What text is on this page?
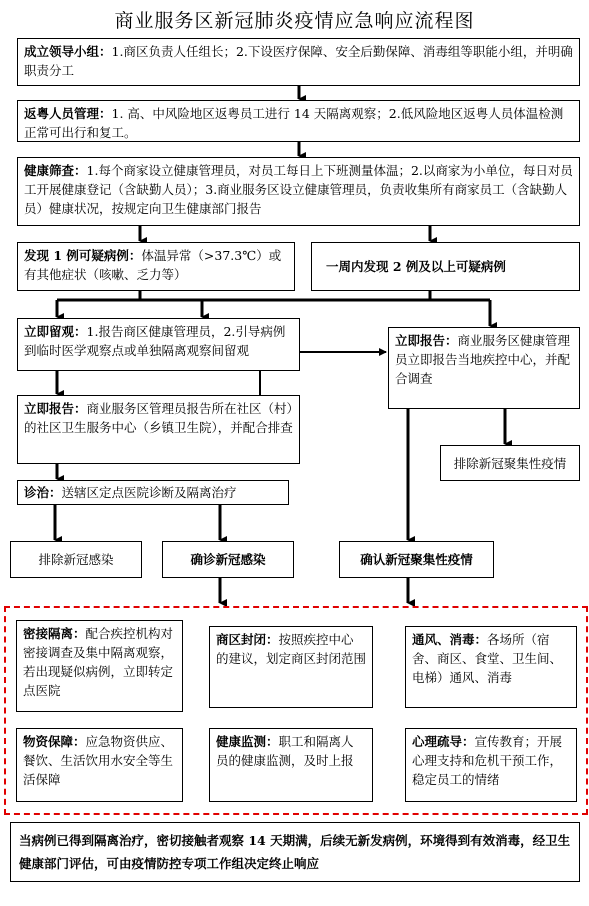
商业服务区新冠肺炎疫情应急响应流程图
成立领导小组：1.商区负责人任组长；2.下设医疗保障、安全后勤保障、消毒组等职能小组，并明确职责分工
返粤人员管理：1. 高、中风险地区返粤员工进行 14 天隔离观察；2.低风险地区返粤人员体温检测正常可出行和复工。
健康筛查：1.每个商家设立健康管理员，对员工每日上下班测量体温；2.以商家为小单位，每日对员工开展健康登记（含缺勤人员）；3.商业服务区设立健康管理员，负责收集所有商家员工（含缺勤人员）健康状况，按规定向卫生健康部门报告
发现 1 例可疑病例：体温异常（>37.3℃）或有其他症状（咳嗽、乏力等）
一周内发现 2 例及以上可疑病例
立即留观：1.报告商区健康管理员，2.引导病例到临时医学观察点或单独隔离观察间留观
立即报告：商业服务区管理员报告所在社区（村）的社区卫生服务中心（乡镇卫生院），并配合排查
诊治：送辖区定点医院诊断及隔离治疗
立即报告：商业服务区健康管理员立即报告当地疾控中心，并配合调查
排除新冠聚集性疫情
排除新冠感染	确诊新冠感染	确认新冠聚集性疫情
密接隔离：配合疾控机构对密接调查及集中隔离观察，若出现疑似病例，立即转定点医院
商区封闭：按照疾控中心的建议，划定商区封闭范围
通风、消毒：各场所（宿舍、商区、食堂、卫生间、电梯）通风、消毒
物资保障：应急物资供应、餐饮、生活饮用水安全等生活保障
健康监测：职工和隔离人员的健康监测，及时上报
心理疏导：宣传教育；开展心理支持和危机干预工作，稳定员工的情绪
当病例已得到隔离治疗，密切接触者观察 14 天期满，后续无新发病例，环境得到有效消毒，经卫生健康部门评估，可由疫情防控专项工作组决定终止响应
